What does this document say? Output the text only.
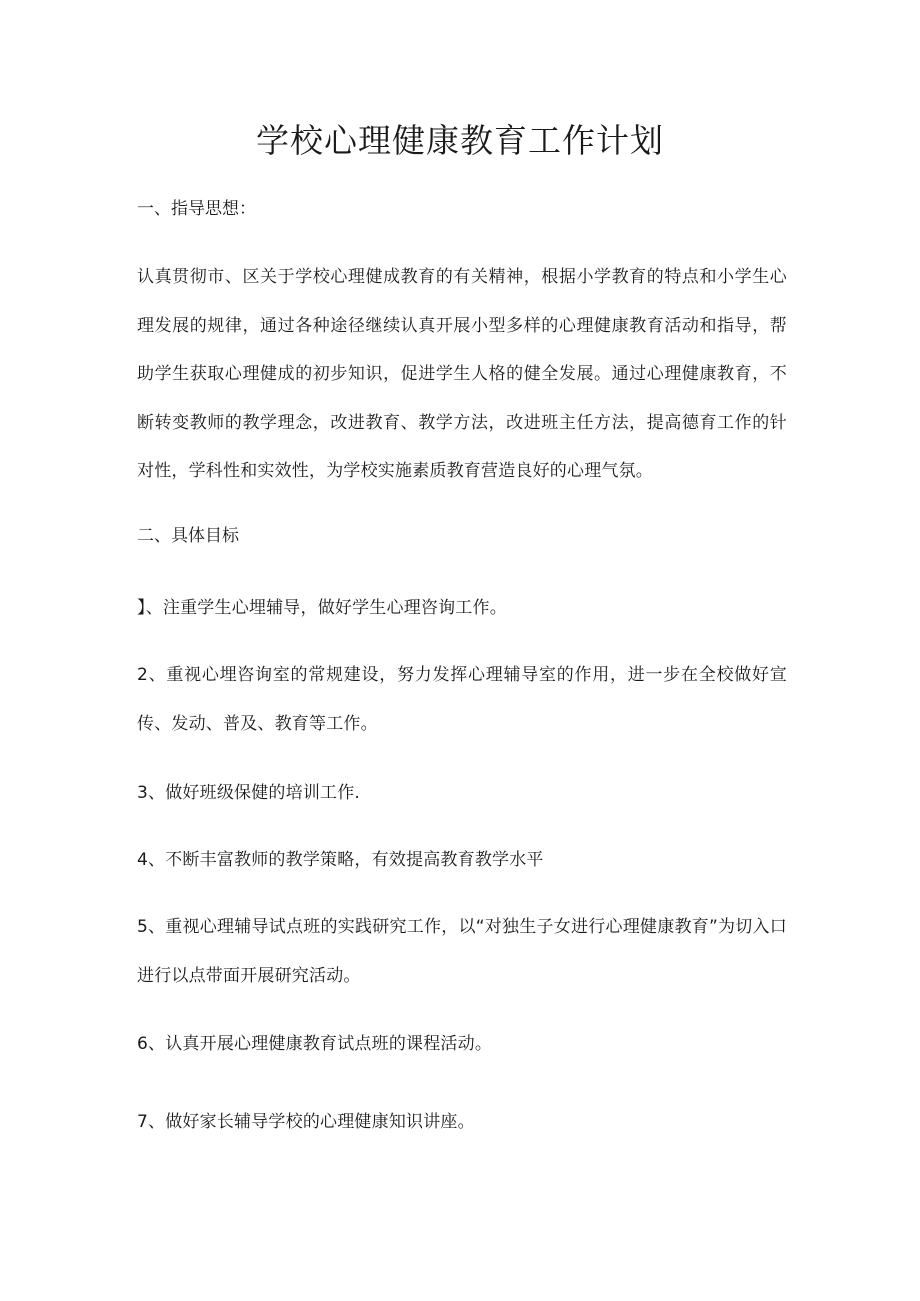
学校心理健康教育工作计划
一、指导思想：

认真贯彻市、区关于学校心理健成教育的有关精神，根据小学教育的特点和小学生心理发展的规律，通过各种途径继续认真开展小型多样的心理健康教育活动和指导，帮助学生获取心理健成的初步知识，促进学生人格的健全发展。通过心理健康教育，不断转变教师的教学理念，改进教育、教学方法，改进班主任方法，提高德育工作的针对性，学科性和实效性，为学校实施素质教育营造良好的心理气氛。

二、具体目标

】、注重学生心埋辅导，做好学生心理咨询工作。

2、重视心埋咨询室的常规建设，努力发挥心理辅导室的作用，进一步在全校做好宣传、发动、普及、教育等工作。

3、做好班级保健的培训工作.

4、不断丰富教师的教学策略，有效提高教育教学水平

5、重视心理辅导试点班的实践研究工作，以“对独生子女进行心理健康教育”为切入口进行以点带面开展研究活动。

6、认真开展心理健康教育试点班的课程活动。

7、做好家长辅导学校的心理健康知识讲座。
